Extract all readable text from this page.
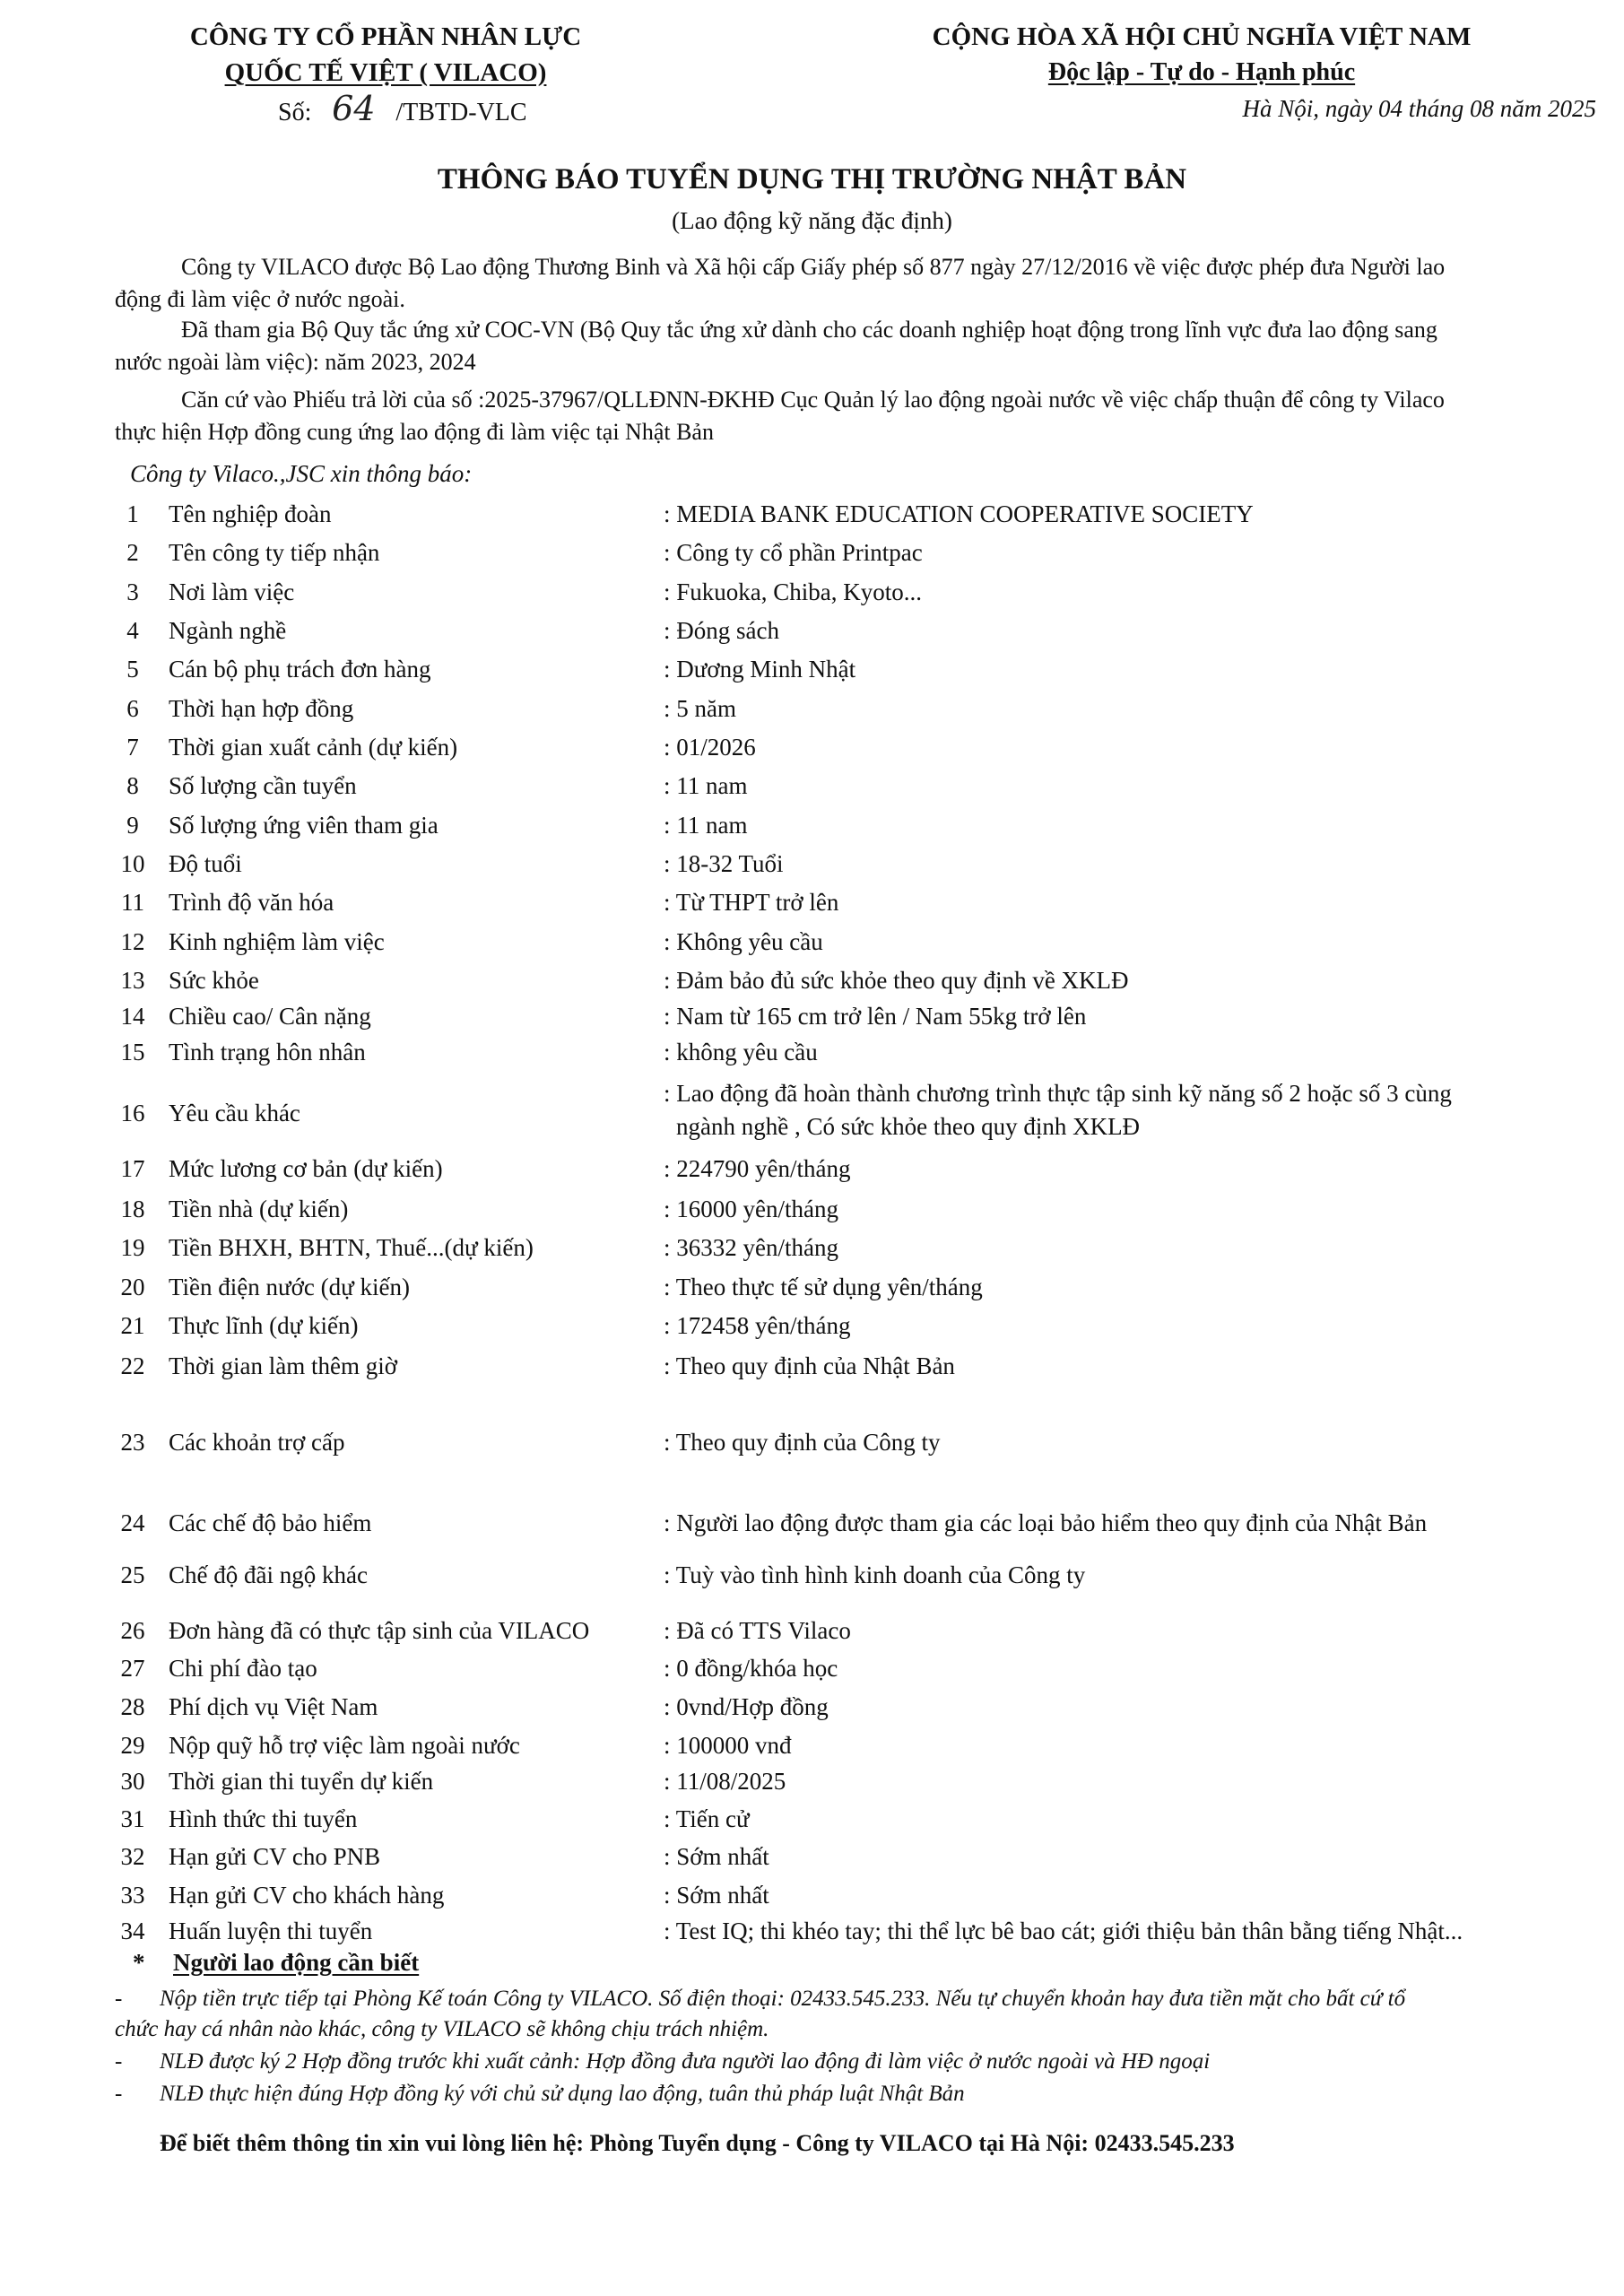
CÔNG TY CỔ PHẦN NHÂN LỰC
QUỐC TẾ VIỆT ( VILACO)
Số: 64 /TBTD-VLC
CỘNG HÒA XÃ HỘI CHỦ NGHĨA VIỆT NAM
Độc lập - Tự do - Hạnh phúc
Hà Nội, ngày 04 tháng 08 năm 2025
THÔNG BÁO TUYỂN DỤNG THỊ TRƯỜNG NHẬT BẢN
(Lao động kỹ năng đặc định)
Công ty VILACO được Bộ Lao động Thương Binh và Xã hội cấp Giấy phép số 877 ngày 27/12/2016 về việc được phép đưa Người lao
động đi làm việc ở nước ngoài.
Đã tham gia Bộ Quy tắc ứng xử COC-VN (Bộ Quy tắc ứng xử dành cho các doanh nghiệp hoạt động trong lĩnh vực đưa lao động sang
nước ngoài làm việc): năm 2023, 2024
Căn cứ vào Phiếu trả lời của số :2025-37967/QLLĐNN-ĐKHĐ Cục Quản lý lao động ngoài nước về việc chấp thuận để công ty Vilaco
thực hiện Hợp đồng cung ứng lao động đi làm việc tại Nhật Bản
Công ty Vilaco.,JSC xin thông báo:
1	Tên nghiệp đoàn	: MEDIA BANK EDUCATION COOPERATIVE SOCIETY
2	Tên công ty tiếp nhận	: Công ty cổ phần Printpac
3	Nơi làm việc	: Fukuoka, Chiba, Kyoto...
4	Ngành nghề	: Đóng sách
5	Cán bộ phụ trách đơn hàng	: Dương Minh Nhật
6	Thời hạn hợp đồng	: 5 năm
7	Thời gian xuất cảnh (dự kiến)	: 01/2026
8	Số lượng cần tuyển	: 11 nam
9	Số lượng ứng viên tham gia	: 11 nam
10 Độ tuổi	: 18-32 Tuổi
11 Trình độ văn hóa	: Từ THPT trở lên
12 Kinh nghiệm làm việc	: Không yêu cầu
13 Sức khỏe	: Đảm bảo đủ sức khỏe theo quy định về XKLĐ
14 Chiều cao/ Cân nặng	: Nam từ 165 cm trở lên / Nam 55kg trở lên
15 Tình trạng hôn nhân	: không yêu cầu
16 Yêu cầu khác
: Lao động đã hoàn thành chương trình thực tập sinh kỹ năng số 2 hoặc số 3 cùng
ngành nghề , Có sức khỏe theo quy định XKLĐ
17 Mức lương cơ bản (dự kiến)	: 224790 yên/tháng
18 Tiền nhà (dự kiến)	: 16000 yên/tháng
19 Tiền BHXH, BHTN, Thuế...(dự kiến)	: 36332 yên/tháng
20 Tiền điện nước (dự kiến)	: Theo thực tế sử dụng yên/tháng
21 Thực lĩnh (dự kiến)	: 172458 yên/tháng
22 Thời gian làm thêm giờ	: Theo quy định của Nhật Bản
23 Các khoản trợ cấp	: Theo quy định của Công ty
24 Các chế độ bảo hiểm	: Người lao động được tham gia các loại bảo hiểm theo quy định của Nhật Bản
25 Chế độ đãi ngộ khác	: Tuỳ vào tình hình kinh doanh của Công ty
26 Đơn hàng đã có thực tập sinh của VILACO	: Đã có TTS Vilaco
27 Chi phí đào tạo	: 0 đồng/khóa học
28 Phí dịch vụ Việt Nam	: 0vnd/Hợp đồng
29 Nộp quỹ hỗ trợ việc làm ngoài nước	: 100000 vnđ
30 Thời gian thi tuyển dự kiến	: 11/08/2025
31 Hình thức thi tuyển	: Tiến cử
32 Hạn gửi CV cho PNB	: Sớm nhất
33 Hạn gửi CV cho khách hàng	: Sớm nhất
34 Huấn luyện thi tuyển	: Test IQ; thi khéo tay; thi thể lực bê bao cát; giới thiệu bản thân bằng tiếng Nhật...
* Người lao động cần biết
- Nộp tiền trực tiếp tại Phòng Kế toán Công ty VILACO. Số điện thoại: 02433.545.233. Nếu tự chuyển khoản hay đưa tiền mặt cho bất cứ tổ
chức hay cá nhân nào khác, công ty VILACO sẽ không chịu trách nhiệm.
- NLĐ được ký 2 Hợp đồng trước khi xuất cảnh: Hợp đồng đưa người lao động đi làm việc ở nước ngoài và HĐ ngoại
- NLĐ thực hiện đúng Hợp đồng ký với chủ sử dụng lao động, tuân thủ pháp luật Nhật Bản
Để biết thêm thông tin xin vui lòng liên hệ: Phòng Tuyển dụng - Công ty VILACO tại Hà Nội: 02433.545.233
